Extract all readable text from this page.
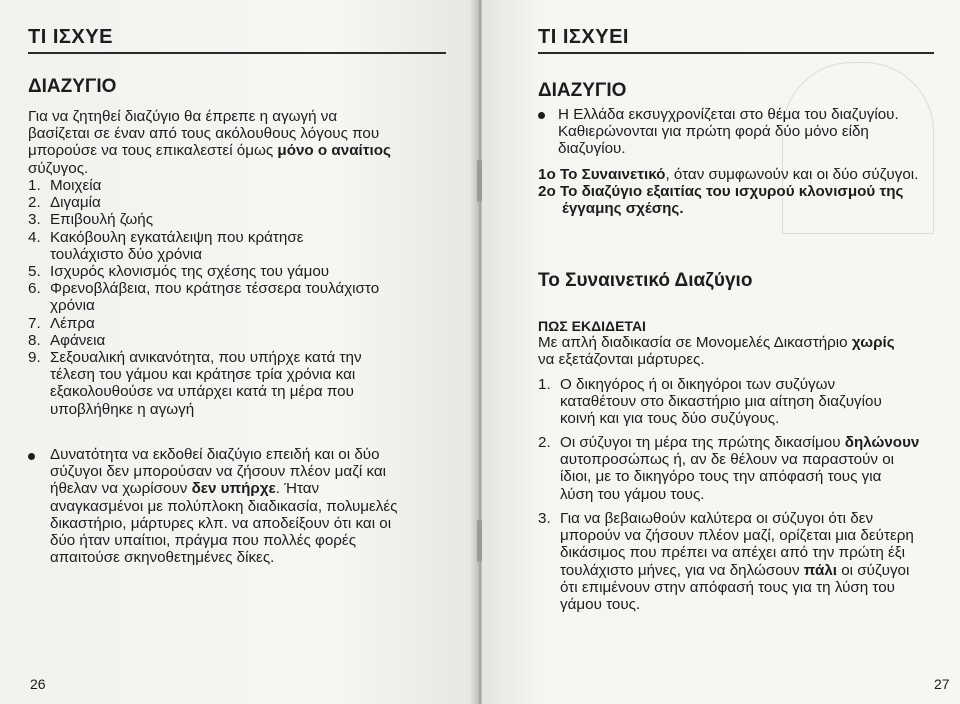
ΤΙ ΙΣΧΥΕ
ΔΙΑΖΥΓΙΟ
Για να ζητηθεί διαζύγιο θα έπρεπε η αγωγή να
βασίζεται σε έναν από τους ακόλουθους λόγους που
μπορούσε να τους επικαλεστεί όμως μόνο ο αναίτιος
σύζυγος.
1. Μοιχεία
2. Διγαμία
3. Επιβουλή ζωής
4. Κακόβουλη εγκατάλειψη που κράτησε
τουλάχιστο δύο χρόνια
5. Ισχυρός κλονισμός της σχέσης του γάμου
6. Φρενοβλάβεια, που κράτησε τέσσερα τουλάχιστο
χρόνια
7. Λέπρα
8. Αφάνεια
9. Σεξουαλική ανικανότητα, που υπήρχε κατά την
τέλεση του γάμου και κράτησε τρία χρόνια και
εξακολουθούσε να υπάρχει κατά τη μέρα που
υποβλήθηκε η αγωγή
Δυνατότητα να εκδοθεί διαζύγιο επειδή και οι δύο
σύζυγοι δεν μπορούσαν να ζήσουν πλέον μαζί και
ήθελαν να χωρίσουν δεν υπήρχε. Ήταν
αναγκασμένοι με πολύπλοκη διαδικασία, πολυμελές
δικαστήριο, μάρτυρες κλπ. να αποδείξουν ότι και οι
δύο ήταν υπαίτιοι, πράγμα που πολλές φορές
απαιτούσε σκηνοθετημένες δίκες.
26
ΤΙ ΙΣΧΥΕΙ
ΔΙΑΖΥΓΙΟ
Η Ελλάδα εκσυγχρονίζεται στο θέμα του διαζυγίου.
Καθιερώνονται για πρώτη φορά δύο μόνο είδη
διαζυγίου.
1ο Το Συναινετικό, όταν συμφωνούν και οι δύο σύζυγοι.
2ο Το διαζύγιο εξαιτίας του ισχυρού κλονισμού της
έγγαμης σχέσης.
Το Συναινετικό Διαζύγιο
ΠΩΣ ΕΚΔΙΔΕΤΑΙ
Με απλή διαδικασία σε Μονομελές Δικαστήριο χωρίς
να εξετάζονται μάρτυρες.
1. Ο δικηγόρος ή οι δικηγόροι των συζύγων
καταθέτουν στο δικαστήριο μια αίτηση διαζυγίου
κοινή και για τους δύο συζύγους.
2. Οι σύζυγοι τη μέρα της πρώτης δικασίμου δηλώνουν
αυτοπροσώπως ή, αν δε θέλουν να παραστούν οι
ίδιοι, με το δικηγόρο τους την απόφασή τους για
λύση του γάμου τους.
3. Για να βεβαιωθούν καλύτερα οι σύζυγοι ότι δεν
μπορούν να ζήσουν πλέον μαζί, ορίζεται μια δεύτερη
δικάσιμος που πρέπει να απέχει από την πρώτη έξι
τουλάχιστο μήνες, για να δηλώσουν πάλι οι σύζυγοι
ότι επιμένουν στην απόφασή τους για τη λύση του
γάμου τους.
27
